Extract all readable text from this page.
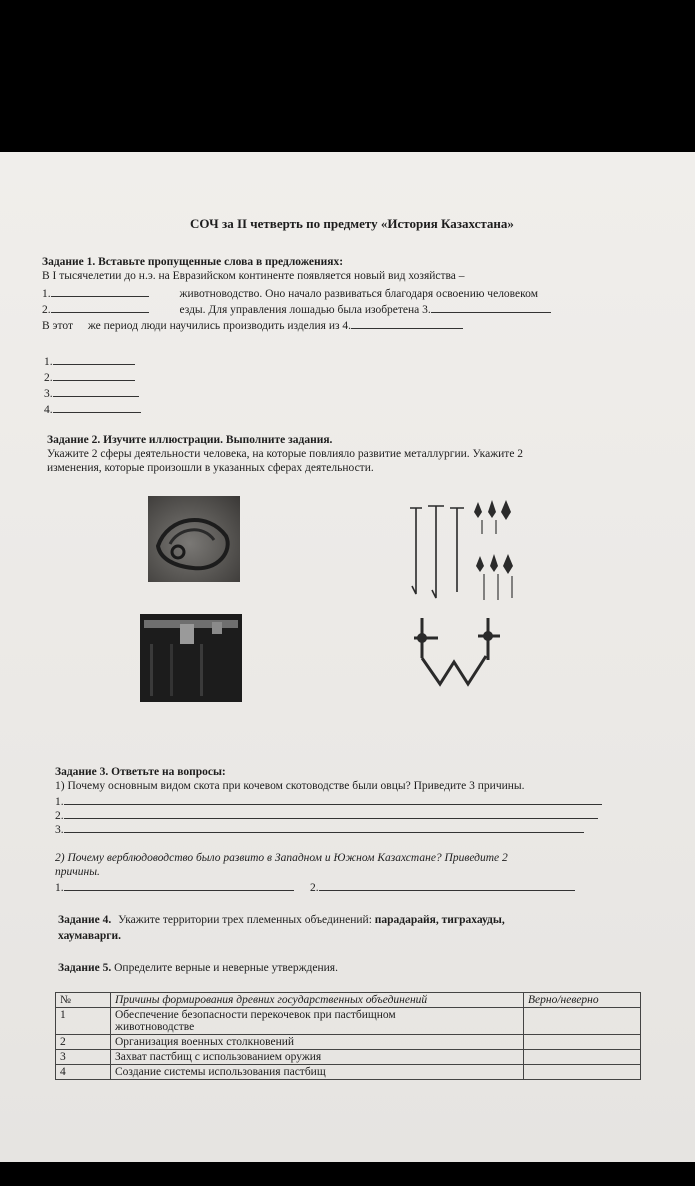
СОЧ за II четверть по предмету «История Казахстана»
Задание 1. Вставьте пропущенные слова в предложениях:
В I тысячелетии до н.э. на Евразийском континенте появляется новый вид хозяйства –
1.	животноводство. Оно начало развиваться благодаря освоению человеком
2.	езды. Для управления лошадью была изобретена 3.
В этот же период люди научились производить изделия из 4.
1.
2.
3.
4.
Задание 2. Изучите иллюстрации. Выполните задания.
Укажите 2 сферы деятельности человека, на которые повлияло развитие металлургии. Укажите 2
изменения, которые произошли в указанных сферах деятельности.
Задание 3. Ответьте на вопросы:
1) Почему основным видом скота при кочевом скотоводстве были овцы? Приведите 3 причины.
1.
2.
3.
2) Почему верблюдоводство было развито в Западном и Южном Казахстане? Приведите 2
причины.
1.	2.
Задание 4. Укажите территории трех племенных объединений: парадарайя, тиграхауды,
хаумаварги.
Задание 5. Определите верные и неверные утверждения.
№	Причины формирования древних государственных объединений	Верно/неверно
1	Обеспечение безопасности перекочевок при пастбищном
животноводстве	

2	Организация военных столкновений	
3	Захват пастбищ с использованием оружия	
4	Создание системы использования пастбищ	
